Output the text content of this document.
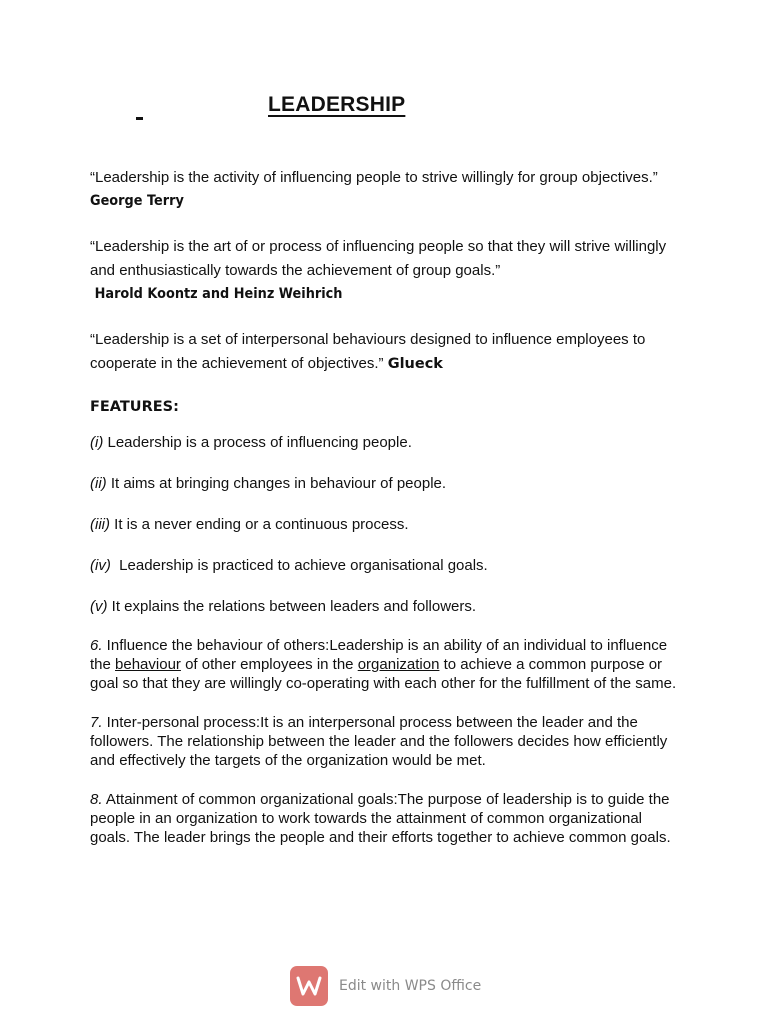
LEADERSHIP

“Leadership is the activity of influencing people to strive willingly for group objectives.”

George Terry

“Leadership is the art of or process of influencing people so that they will strive willingly and enthusiastically towards the achievement of group goals.”

Harold Koontz and Heinz Weihrich

“Leadership is a set of interpersonal behaviours designed to influence employees to cooperate in the achievement of objectives.” Glueck

FEATURES:

(i) Leadership is a process of influencing people.

(ii) It aims at bringing changes in behaviour of people.

(iii) It is a never ending or a continuous process.

(iv)  Leadership is practiced to achieve organisational goals.

(v) It explains the relations between leaders and followers.

6. Influence the behaviour of others:Leadership is an ability of an individual to influence the behaviour of other employees in the organization to achieve a common purpose or goal so that they are willingly co-operating with each other for the fulfillment of the same.

7. Inter-personal process:It is an interpersonal process between the leader and the followers. The relationship between the leader and the followers decides how efficiently and effectively the targets of the organization would be met.

8. Attainment of common organizational goals:The purpose of leadership is to guide the people in an organization to work towards the attainment of common organizational goals. The leader brings the people and their efforts together to achieve common goals.

Edit with WPS Office
